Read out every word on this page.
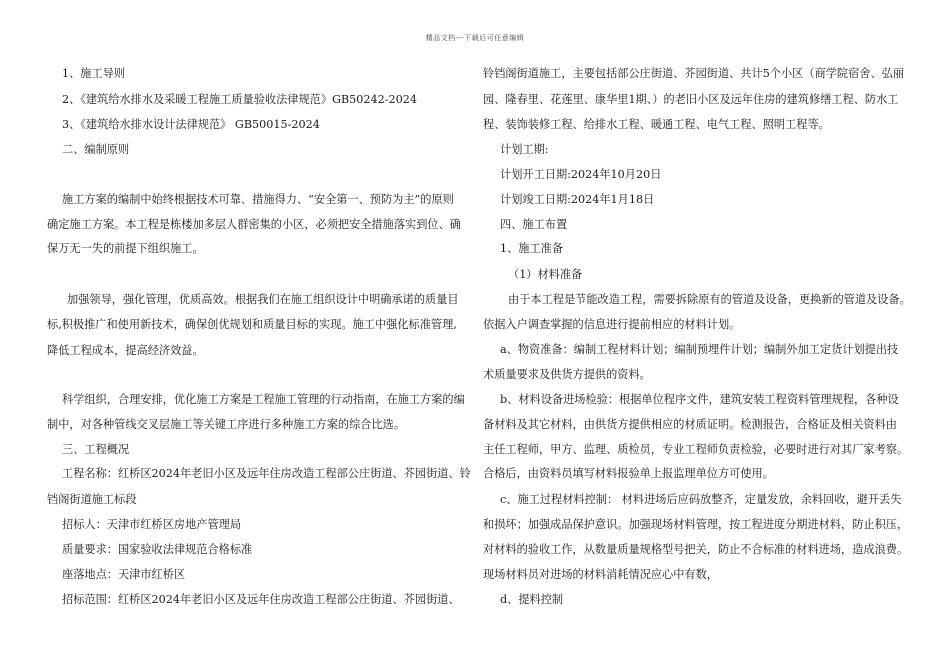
精品文档---下载后可任意编辑
1、施工导则
2、《建筑给水排水及采暖工程施工质量验收法律规范》GB50242-2024
3、《建筑给水排水设计法律规范》 GB50015-2024
二、编制原则
施工方案的编制中始终根据技术可靠、措施得力、“安全第一、预防为主”的原则
确定施工方案。本工程是栋楼加多层人群密集的小区，必须把安全措施落实到位、确
保万无一失的前提下组织施工。
加强领导，强化管理，优质高效。根据我们在施工组织设计中明确承诺的质量目
标,积极推广和使用新技术，确保创优规划和质量目标的实现。施工中强化标准管理,
降低工程成本，提高经济效益。
科学组织，合理安排，优化施工方案是工程施工管理的行动指南，在施工方案的编
制中，对各种管线交叉层施工等关键工序进行多种施工方案的综合比选。
三、工程概况
工程名称：红桥区2024年老旧小区及远年住房改造工程部公庄街道、芥园街道、铃
铛阁街道施工标段
招标人：天津市红桥区房地产管理局
质量要求：国家验收法律规范合格标准
座落地点：天津市红桥区
招标范围：红桥区2024年老旧小区及远年住房改造工程部公庄街道、芥园街道、
铃铛阁街道施工，主要包括部公庄街道、芥园街道、共计5个小区（商学院宿舍、弘丽
园、隆春里、花莲里、康华里1期、）的老旧小区及远年住房的建筑修缮工程、防水工
程、装饰装修工程、给排水工程、暖通工程、电气工程、照明工程等。
计划工期:
计划开工日期:2024年10月20日
计划竣工日期:2024年1月18日
四、施工布置
1、施工准备
（1）材料准备
由于本工程是节能改造工程，需要拆除原有的管道及设备，更换新的管道及设备。
依据入户调查掌握的信息进行提前相应的材料计划。
a、物资准备：编制工程材料计划；编制预埋件计划；编制外加工定货计划提出技
术质量要求及供货方提供的资料。
b、材料设备进场检验：根据单位程序文件，建筑安装工程资料管理规程，各种设
备材料及其它材料，由供货方提供相应的材质证明。检测报告，合格证及相关资料由
主任工程师，甲方、监理、质检员，专业工程师负责检验，必要时进行对其厂家考察。
合格后，由资料员填写材料报验单上报监理单位方可使用。
c、施工过程材料控制： 材料进场后应码放整齐，定量发放，余料回收，避开丢失
和损坏；加强成品保护意识。加强现场材料管理，按工程进度分期进材料，防止积压，
对材料的验收工作，从数量质量规格型号把关，防止不合标准的材料进场，造成浪费。
现场材料员对进场的材料消耗情况应心中有数，
d、提料控制
